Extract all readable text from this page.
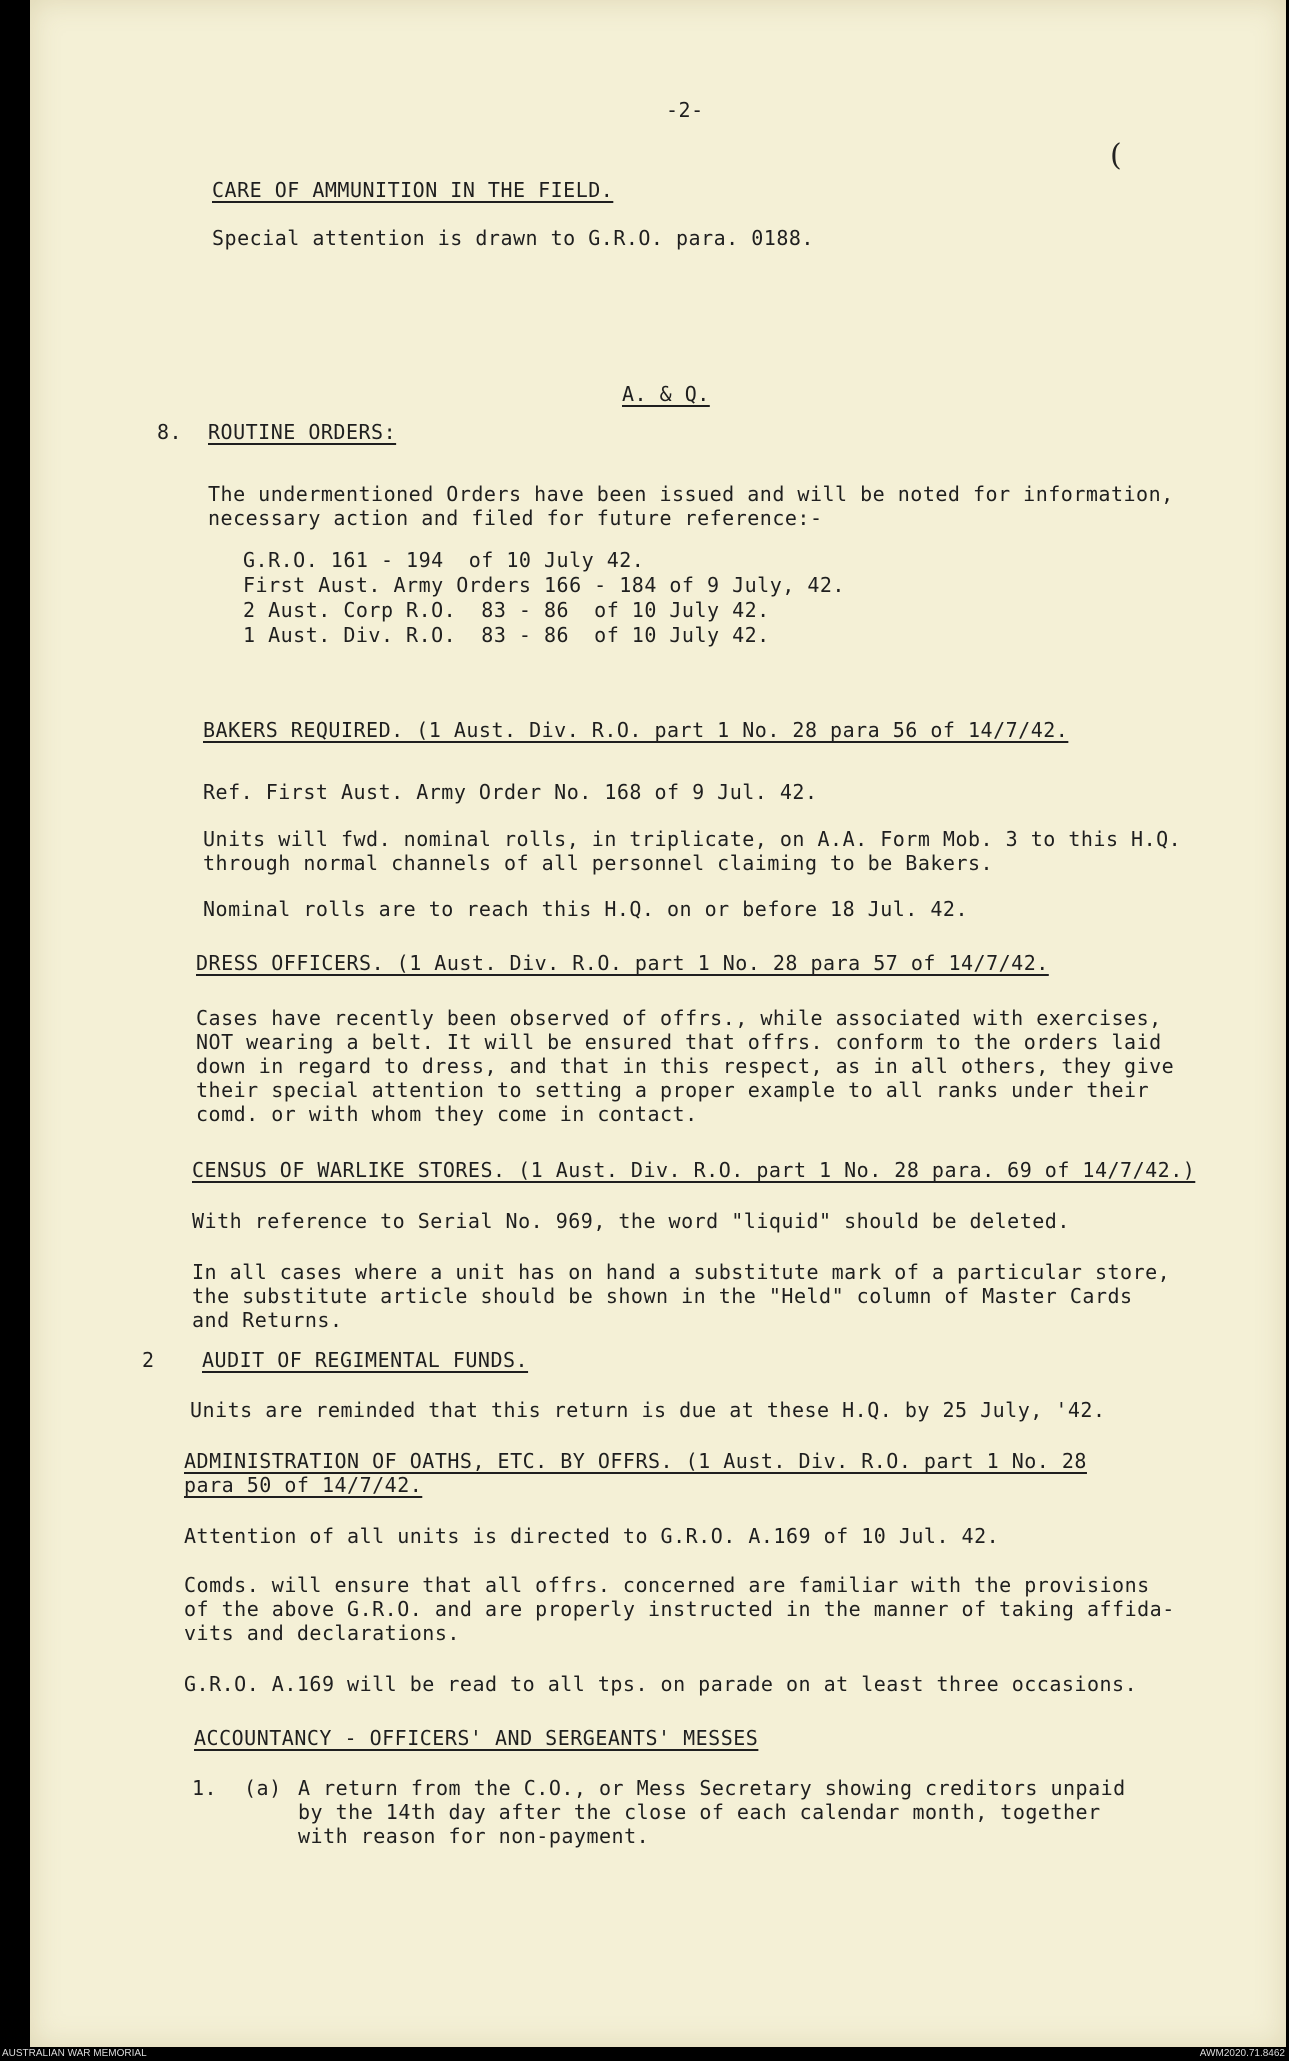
-2-
(
CARE OF AMMUNITION IN THE FIELD.
Special attention is drawn to G.R.O. para. 0188.
A. & Q.
8. ROUTINE ORDERS:
The undermentioned Orders have been issued and will be noted for information,
necessary action and filed for future reference:-
G.R.O. 161 - 194  of 10 July 42.
First Aust. Army Orders 166 - 184 of 9 July, 42.
2 Aust. Corp R.O.  83 - 86  of 10 July 42.
1 Aust. Div. R.O.  83 - 86  of 10 July 42.
BAKERS REQUIRED. (1 Aust. Div. R.O. part 1 No. 28 para 56 of 14/7/42.
Ref. First Aust. Army Order No. 168 of 9 Jul. 42.
Units will fwd. nominal rolls, in triplicate, on A.A. Form Mob. 3 to this H.Q.
through normal channels of all personnel claiming to be Bakers.
Nominal rolls are to reach this H.Q. on or before 18 Jul. 42.
DRESS OFFICERS. (1 Aust. Div. R.O. part 1 No. 28 para 57 of 14/7/42.
Cases have recently been observed of offrs., while associated with exercises,
NOT wearing a belt. It will be ensured that offrs. conform to the orders laid
down in regard to dress, and that in this respect, as in all others, they give
their special attention to setting a proper example to all ranks under their
comd. or with whom they come in contact.
CENSUS OF WARLIKE STORES. (1 Aust. Div. R.O. part 1 No. 28 para. 69 of 14/7/42.)
With reference to Serial No. 969, the word "liquid" should be deleted.
In all cases where a unit has on hand a substitute mark of a particular store,
the substitute article should be shown in the "Held" column of Master Cards
and Returns.
2 AUDIT OF REGIMENTAL FUNDS.
Units are reminded that this return is due at these H.Q. by 25 July, '42.
ADMINISTRATION OF OATHS, ETC. BY OFFRS. (1 Aust. Div. R.O. part 1 No. 28
para 50 of 14/7/42.
Attention of all units is directed to G.R.O. A.169 of 10 Jul. 42.
Comds. will ensure that all offrs. concerned are familiar with the provisions
of the above G.R.O. and are properly instructed in the manner of taking affida-
vits and declarations.
G.R.O. A.169 will be read to all tps. on parade on at least three occasions.
ACCOUNTANCY - OFFICERS' AND SERGEANTS' MESSES
1. (a) A return from the C.O., or Mess Secretary showing creditors unpaid
by the 14th day after the close of each calendar month, together
with reason for non-payment.
AUSTRALIAN WAR MEMORIAL	AWM2020.71.8462
